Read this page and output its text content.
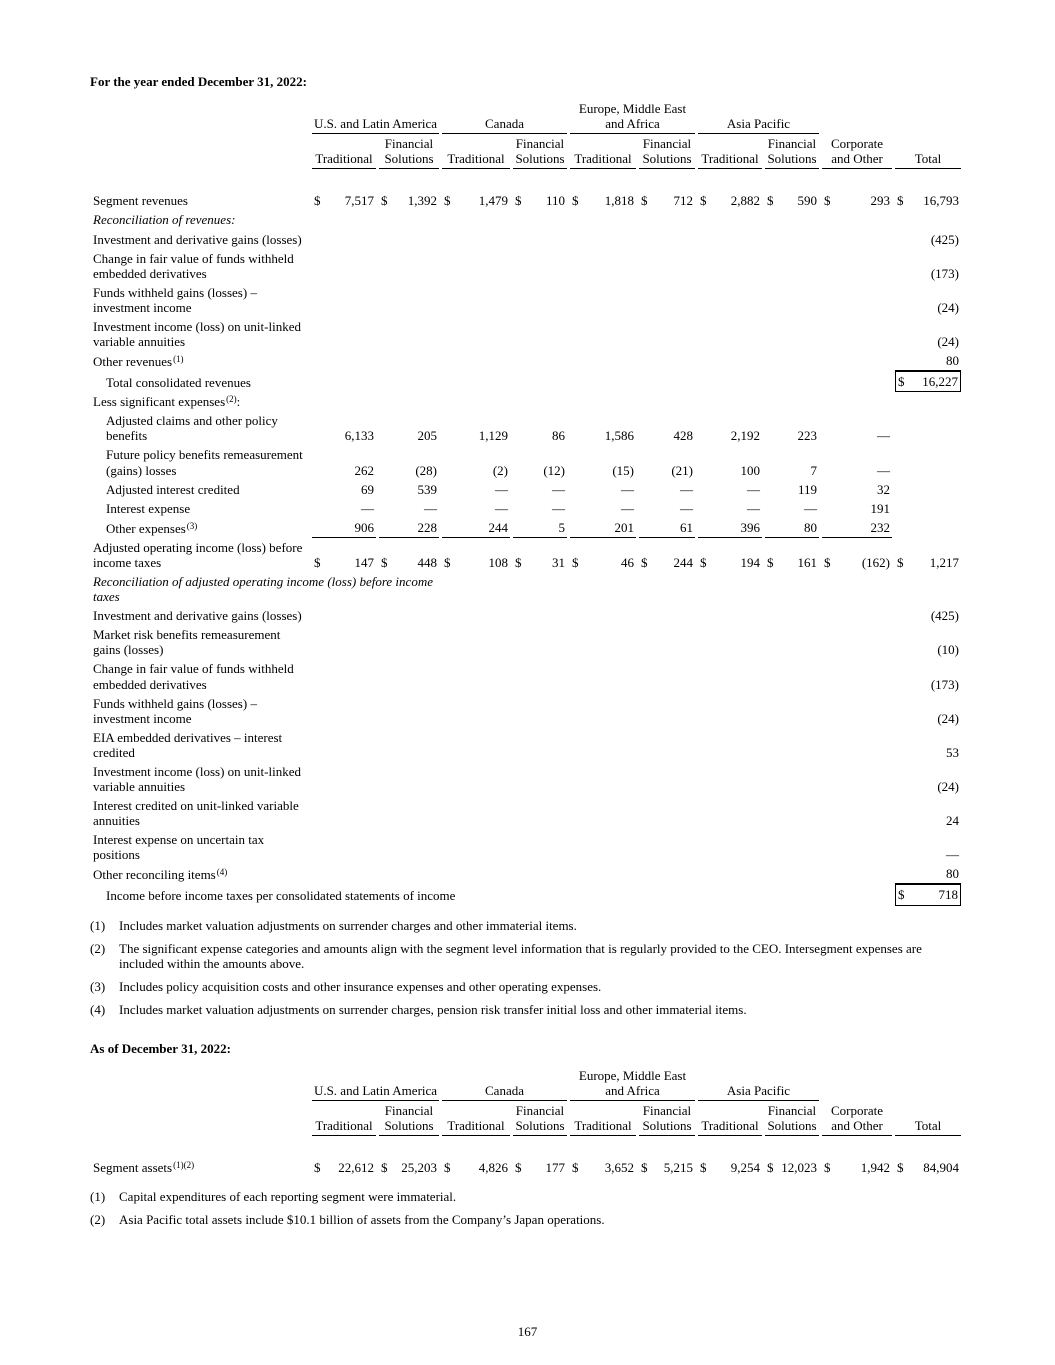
For the year ended December 31, 2022:
	U.S. and Latin America		Canada		Europe, Middle East and Africa		Asia Pacific			
	Traditional	Financial Solutions	Traditional	Financial Solutions	Traditional	Financial Solutions	Traditional	Financial Solutions	Corporate and Other	Total

Segment revenues	$ 7,517	$ 1,392	$ 1,479	$ 110	$ 1,818	$ 712	$ 2,882	$ 590	$ 293	$ 16,793

Reconciliation of revenues:										
Investment and derivative gains (losses)										(425)

Change in fair value of funds withheld embedded derivatives										(173)

Funds withheld gains (losses) – investment income										(24)

Investment income (loss) on unit-linked variable annuities										(24)

Other revenues$^{(1)}$										80

Total consolidated revenues										$ 16,227

Less significant expenses$^{(2)}$:										
Adjusted claims and other policy benefits	6,133	205	1,129	86	1,586	428	2,192	223	—	

Future policy benefits remeasurement (gains) losses	262	(28)	(2)	(12)	(15)	(21)	100	7	—	

Adjusted interest credited	69	539	—	—	—	—	—	119	32	

Interest expense	—	—	—	—	—	—	—	—	191	

Other expenses$^{(3)}$	906	228	244	5	201	61	396	80	232	

Adjusted operating income (loss) before income taxes	$ 147	$ 448	$ 108	$ 31	$ 46	$ 244	$ 194	$ 161	$ (162)	$ 1,217

Reconciliation of adjusted operating income (loss) before income taxes										
Investment and derivative gains (losses)										(425)

Market risk benefits remeasurement gains (losses)										(10)

Change in fair value of funds withheld embedded derivatives										(173)

Funds withheld gains (losses) – investment income										(24)

EIA embedded derivatives – interest credited										53

Investment income (loss) on unit-linked variable annuities										(24)

Interest credited on unit-linked variable annuities										24

Interest expense on uncertain tax positions										—

Other reconciling items$^{(4)}$										80

Income before income taxes per consolidated statements of income										$ 718
(1)	Includes market valuation adjustments on surrender charges and other immaterial items.
(2)	The significant expense categories and amounts align with the segment level information that is regularly provided to the CEO. Intersegment expenses are included within the amounts above.
(3)	Includes policy acquisition costs and other insurance expenses and other operating expenses.
(4)	Includes market valuation adjustments on surrender charges, pension risk transfer initial loss and other immaterial items.
As of December 31, 2022:
	U.S. and Latin America		Canada		Europe, Middle East and Africa		Asia Pacific			
	Traditional	Financial Solutions	Traditional	Financial Solutions	Traditional	Financial Solutions	Traditional	Financial Solutions	Corporate and Other	Total

Segment assets$^{(1)(2)}$	$ 22,612	$ 25,203	$ 4,826	$ 177	$ 3,652	$ 5,215	$ 9,254	$ 12,023	$ 1,942	$ 84,904
(1)	Capital expenditures of each reporting segment were immaterial.
(2)	Asia Pacific total assets include $10.1 billion of assets from the Company’s Japan operations.
167
